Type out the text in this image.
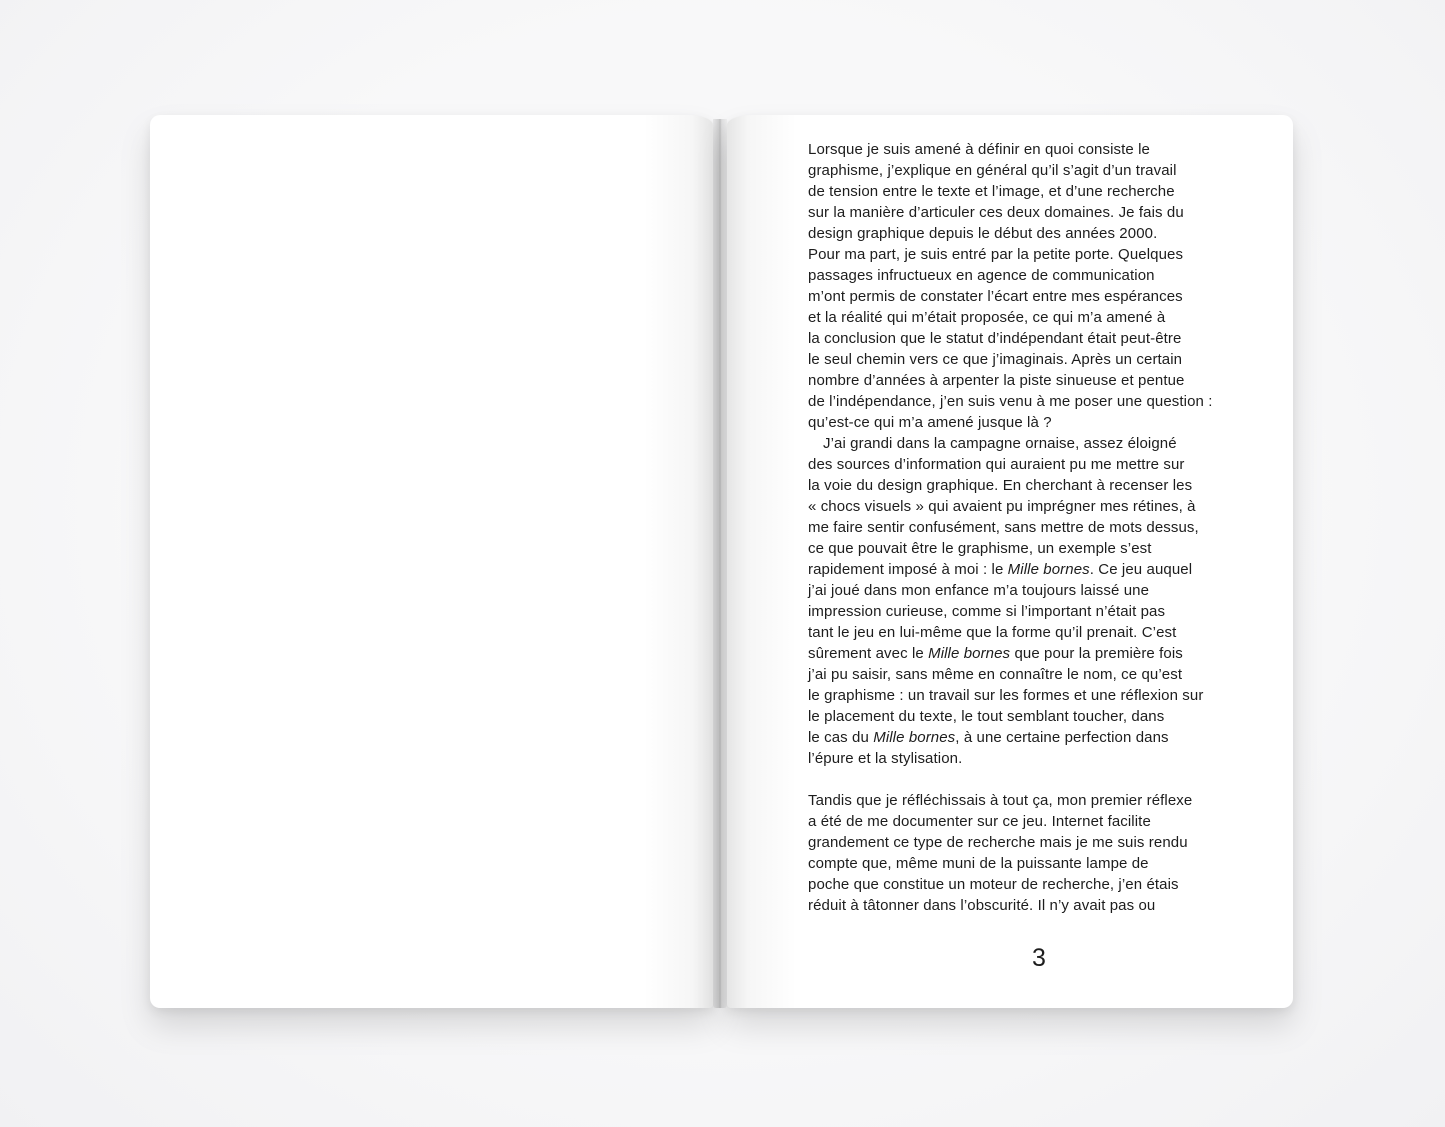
Lorsque je suis amené à définir en quoi consiste le
graphisme, j’explique en général qu’il s’agit d’un travail
de tension entre le texte et l’image, et d’une recherche
sur la manière d’articuler ces deux domaines. Je fais du
design graphique depuis le début des années 2000.
Pour ma part, je suis entré par la petite porte. Quelques
passages infructueux en agence de communication
m’ont permis de constater l’écart entre mes espérances
et la réalité qui m’était proposée, ce qui m’a amené à
la conclusion que le statut d’indépendant était peut-être
le seul chemin vers ce que j’imaginais. Après un certain
nombre d’années à arpenter la piste sinueuse et pentue
de l’indépendance, j’en suis venu à me poser une question :
qu’est-ce qui m’a amené jusque là ?
J’ai grandi dans la campagne ornaise, assez éloigné
des sources d’information qui auraient pu me mettre sur
la voie du design graphique. En cherchant à recenser les
« chocs visuels » qui avaient pu imprégner mes rétines, à
me faire sentir confusément, sans mettre de mots dessus,
ce que pouvait être le graphisme, un exemple s’est
rapidement imposé à moi : le Mille bornes. Ce jeu auquel
j’ai joué dans mon enfance m’a toujours laissé une
impression curieuse, comme si l’important n’était pas
tant le jeu en lui-même que la forme qu’il prenait. C’est
sûrement avec le Mille bornes que pour la première fois
j’ai pu saisir, sans même en connaître le nom, ce qu’est
le graphisme : un travail sur les formes et une réflexion sur
le placement du texte, le tout semblant toucher, dans
le cas du Mille bornes, à une certaine perfection dans
l’épure et la stylisation.
Tandis que je réfléchissais à tout ça, mon premier réflexe
a été de me documenter sur ce jeu. Internet facilite
grandement ce type de recherche mais je me suis rendu
compte que, même muni de la puissante lampe de
poche que constitue un moteur de recherche, j’en étais
réduit à tâtonner dans l’obscurité. Il n’y avait pas ou
3
